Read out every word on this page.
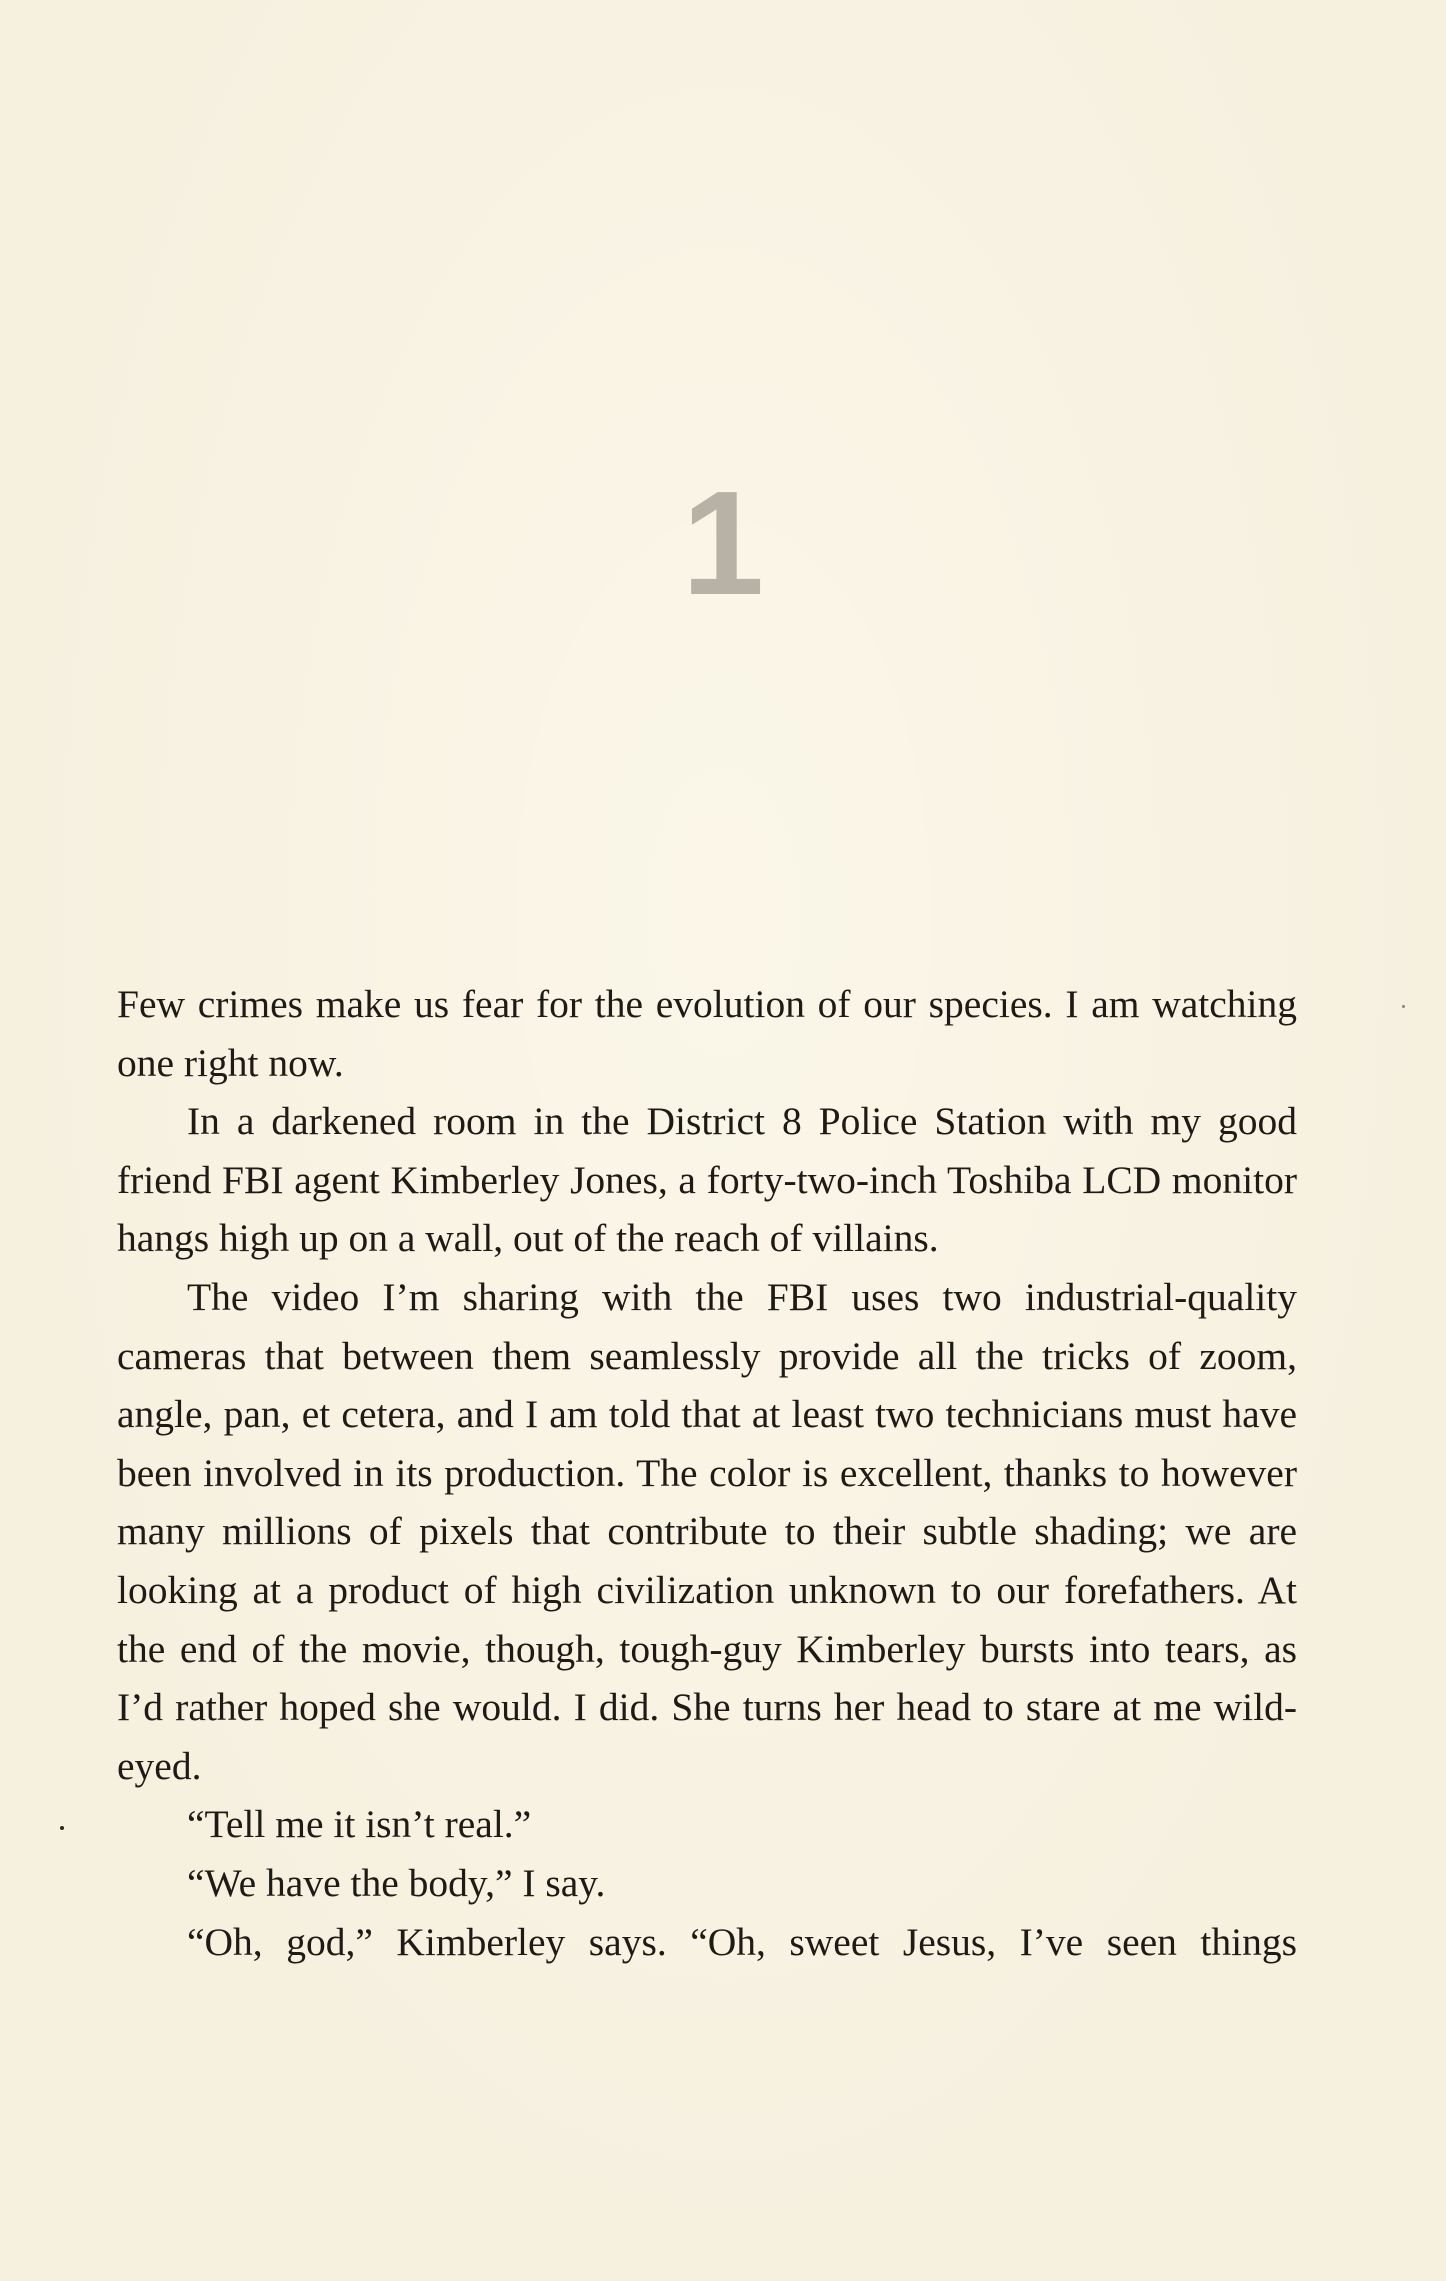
1

Few crimes make us fear for the evolution of our species. I am watching one right now.

In a darkened room in the District 8 Police Station with my good friend FBI agent Kimberley Jones, a forty-two-inch Toshiba LCD monitor hangs high up on a wall, out of the reach of villains.

The video I’m sharing with the FBI uses two industrial-quality cameras that between them seamlessly provide all the tricks of zoom, angle, pan, et cetera, and I am told that at least two technicians must have been involved in its production. The color is excellent, thanks to however many millions of pixels that contribute to their subtle shading; we are looking at a product of high civilization unknown to our forefathers. At the end of the movie, though, tough-guy Kimberley bursts into tears, as I’d rather hoped she would. I did. She turns her head to stare at me wild-eyed.

“Tell me it isn’t real.”

“We have the body,” I say.

“Oh, god,” Kimberley says. “Oh, sweet Jesus, I’ve seen things
